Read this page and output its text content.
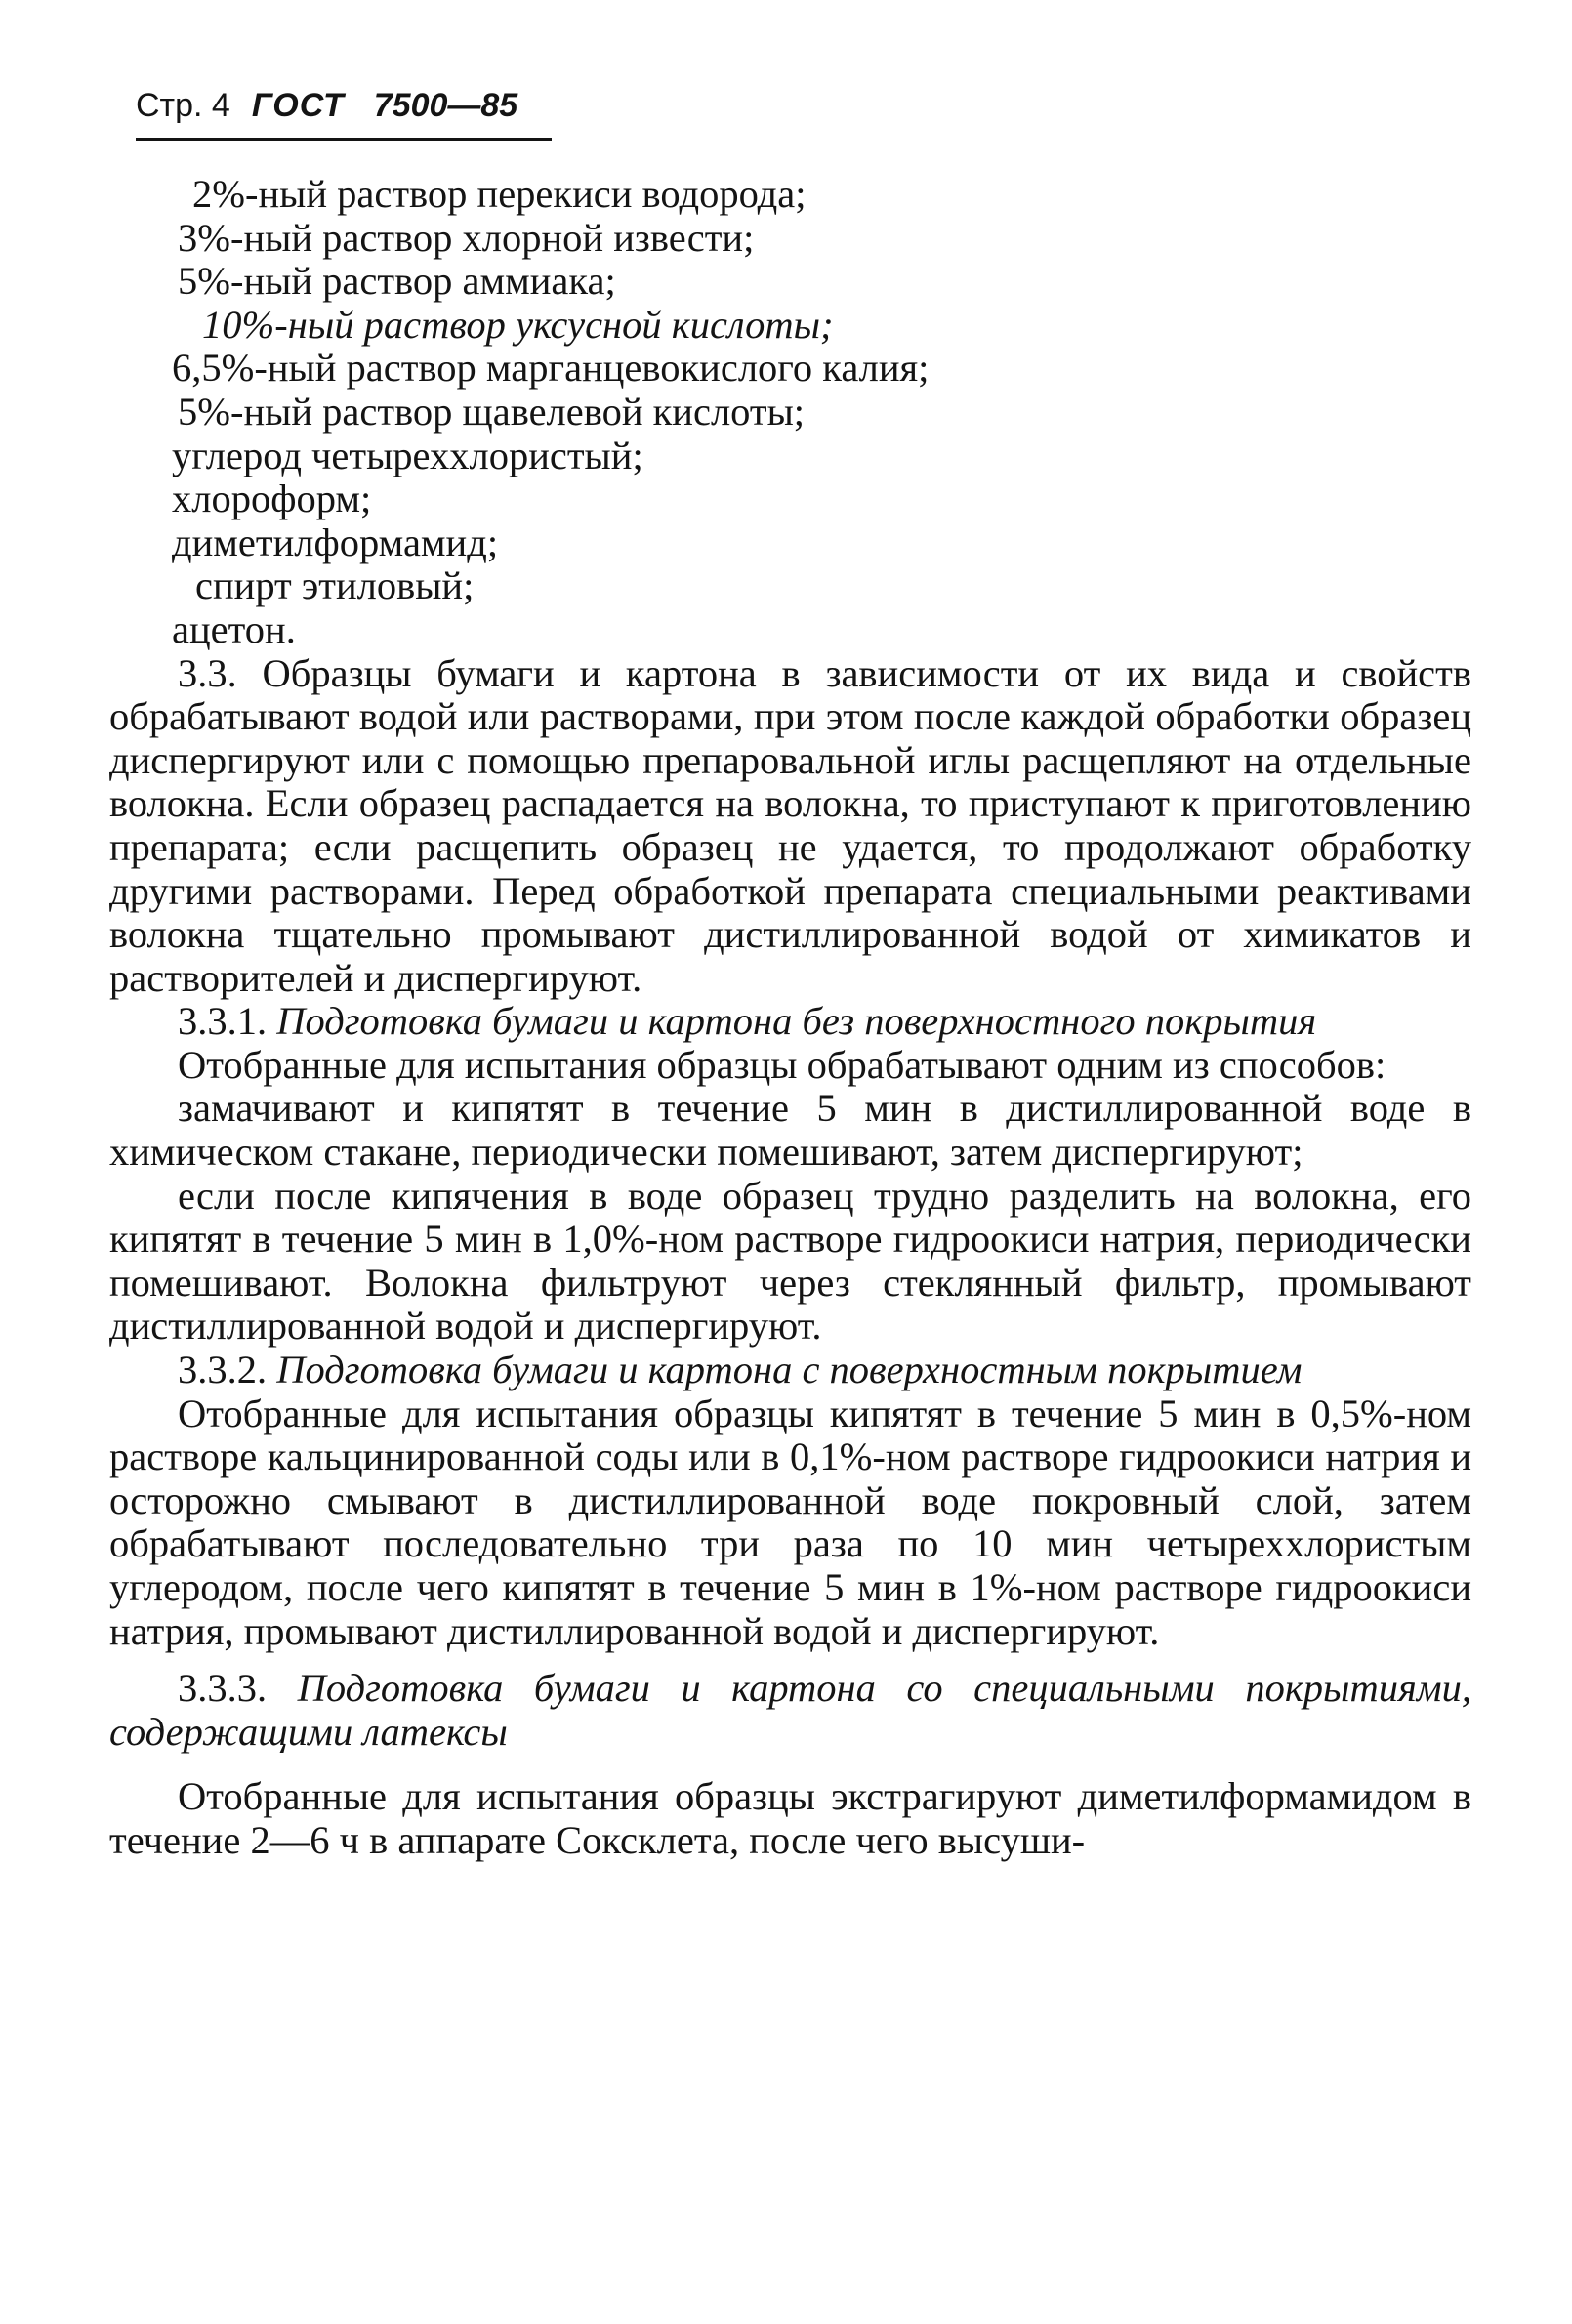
Стр. 4 ГОСТ 7500—85
2%-ный раствор перекиси водорода;
3%-ный раствор хлорной извести;
5%-ный раствор аммиака;
10%-ный раствор уксусной кислоты;
6,5%-ный раствор марганцевокислого калия;
5%-ный раствор щавелевой кислоты;
углерод четыреххлористый;
хлороформ;
диметилформамид;
спирт этиловый;
ацетон.

3.3. Образцы бумаги и картона в зависимости от их вида и свойств обрабатывают водой или растворами, при этом после каждой обработки образец диспергируют или с помощью препаровальной иглы расщепляют на отдельные волокна. Если образец распадается на волокна, то приступают к приготовлению препарата; если расщепить образец не удается, то продолжают обработку другими растворами. Перед обработкой препарата специальными реактивами волокна тщательно промывают дистиллированной водой от химикатов и растворителей и диспергируют.

3.3.1. Подготовка бумаги и картона без поверхностного покрытия

Отобранные для испытания образцы обрабатывают одним из способов:

замачивают и кипятят в течение 5 мин в дистиллированной воде в химическом стакане, периодически помешивают, затем диспергируют;

если после кипячения в воде образец трудно разделить на волокна, его кипятят в течение 5 мин в 1,0%-ном растворе гидроокиси натрия, периодически помешивают. Волокна фильтруют через стеклянный фильтр, промывают дистиллированной водой и диспергируют.

3.3.2. Подготовка бумаги и картона с поверхностным покрытием

Отобранные для испытания образцы кипятят в течение 5 мин в 0,5%-ном растворе кальцинированной соды или в 0,1%-ном растворе гидроокиси натрия и осторожно смывают в дистиллированной воде покровный слой, затем обрабатывают последовательно три раза по 10 мин четыреххлористым углеродом, после чего кипятят в течение 5 мин в 1%-ном растворе гидроокиси натрия, промывают дистиллированной водой и диспергируют.

3.3.3. Подготовка бумаги и картона со специальными покрытиями, содержащими латексы

Отобранные для испытания образцы экстрагируют диметилформамидом в течение 2—6 ч в аппарате Соксклета, после чего высуши-
